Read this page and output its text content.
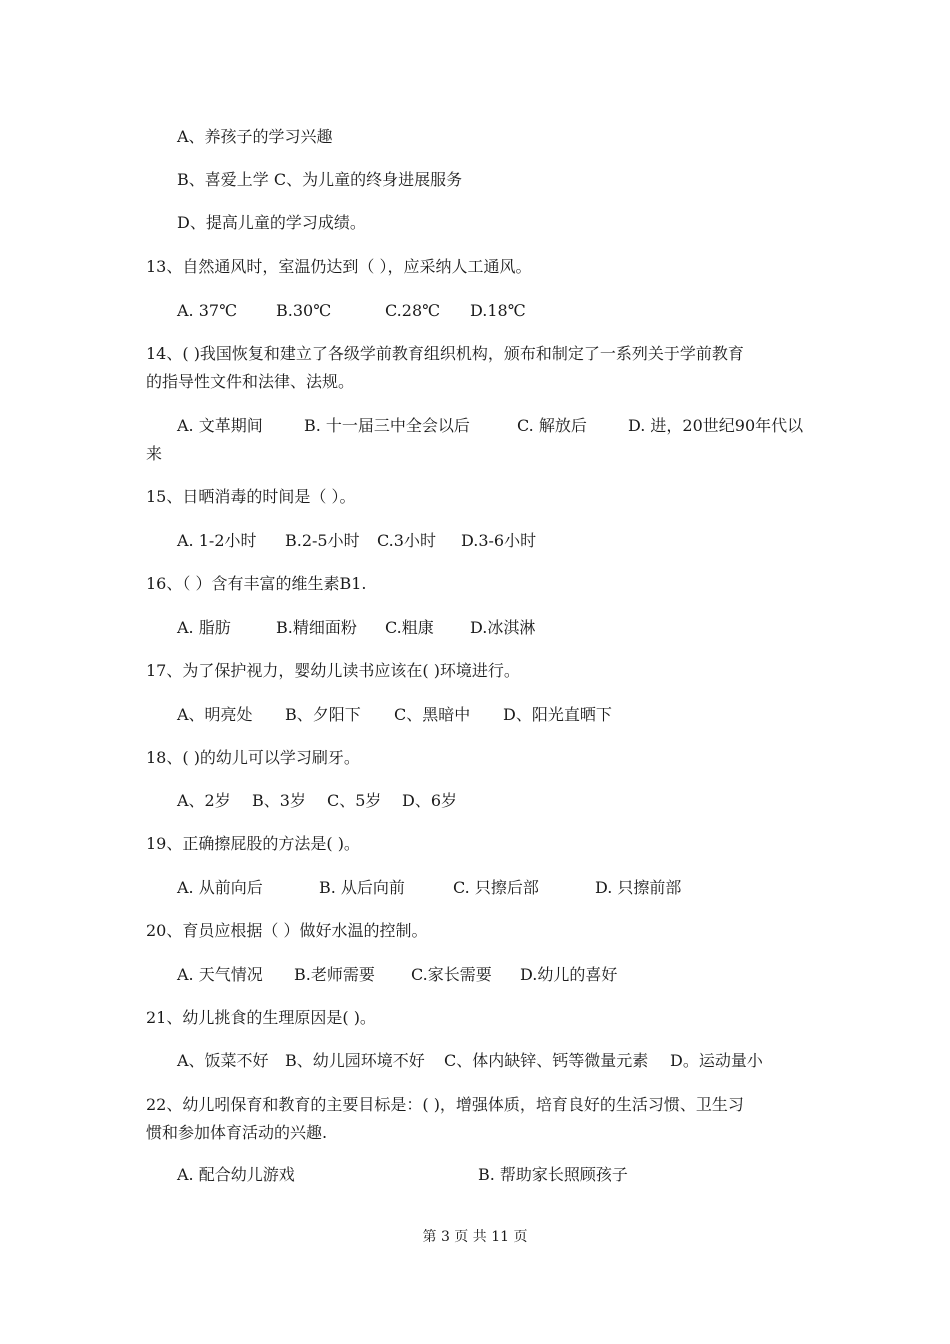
A、养孩子的学习兴趣
B、喜爱上学 C、为儿童的终身进展服务
D、提高儿童的学习成绩。
13、自然通风时，室温仍达到（ ），应采纳人工通风。
A. 37℃ B.30℃	C.28℃ D.18℃
14、( )我国恢复和建立了各级学前教育组织机构，颁布和制定了一系列关于学前教育
的指导性文件和法律、法规。
A. 文革期间	B. 十一届三中全会以后	C. 解放后	D. 进，20世纪90年代以
来
15、日晒消毒的时间是（ ）。
A. 1-2小时 B.2-5小时 C.3小时 D.3-6小时
16、（ ）含有丰富的维生素B1.
A. 脂肪	B.精细面粉 C.粗康 D.冰淇淋
17、为了保护视力，婴幼儿读书应该在( )环境进行。
A、明亮处 B、夕阳下 C、黑暗中 D、阳光直晒下
18、( )的幼儿可以学习刷牙。
A、2岁 B、3岁 C、5岁 D、6岁
19、正确擦屁股的方法是( )。
A. 从前向后	B. 从后向前	C. 只擦后部	D. 只擦前部
20、育员应根据（ ）做好水温的控制。
A. 天气情况 B.老师需要 C.家长需要 D.幼儿的喜好
21、幼儿挑食的生理原因是( )。
A、饭菜不好 B、幼儿园环境不好 C、体内缺锌、钙等微量元素 D。运动量小
22、幼儿吲保育和教育的主要目标是：( )，增强体质，培育良好的生活习惯、卫生习
惯和参加体育活动的兴趣.
A. 配合幼儿游戏	B. 帮助家长照顾孩子
第 3 页 共 11 页
